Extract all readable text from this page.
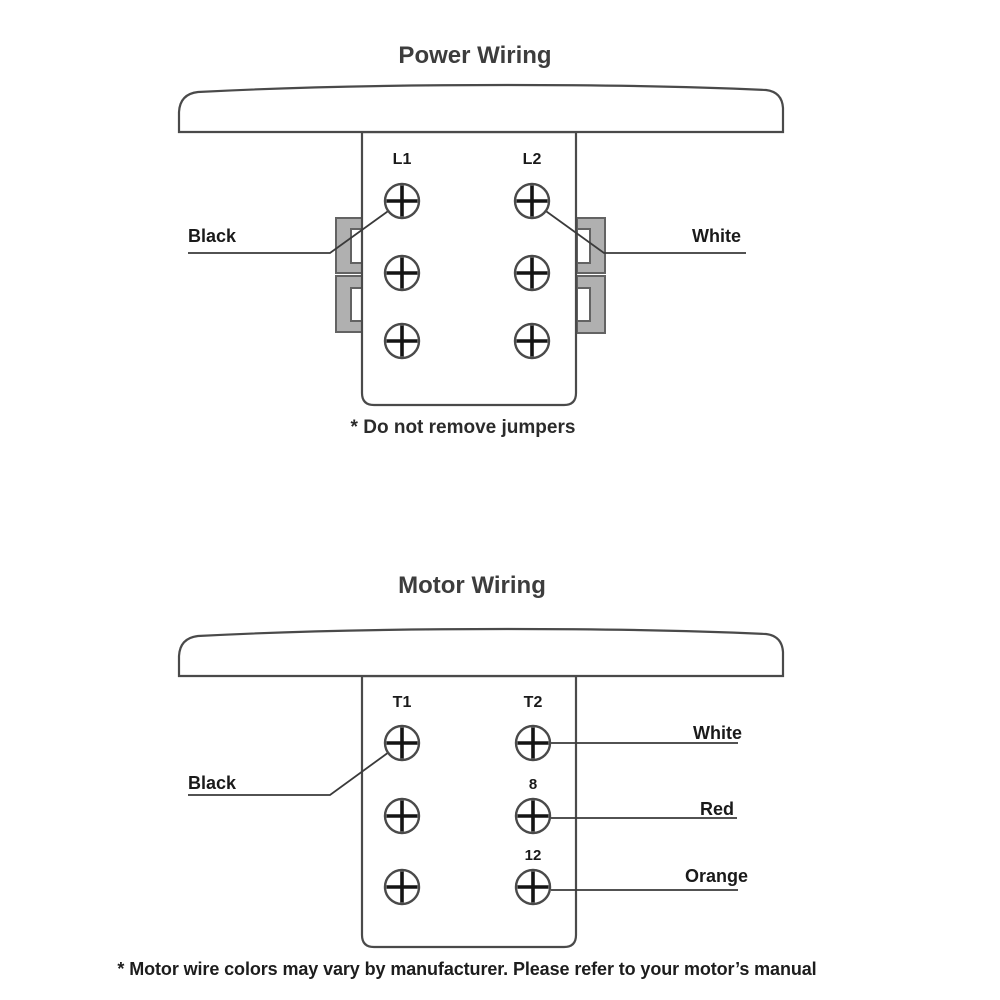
Power Wiring
L1	L2
Black	White
* Do not remove jumpers
Motor Wiring
T1	T2
8
12
Black
White
Red
Orange
* Motor wire colors may vary by manufacturer. Please refer to your motor’s manual
